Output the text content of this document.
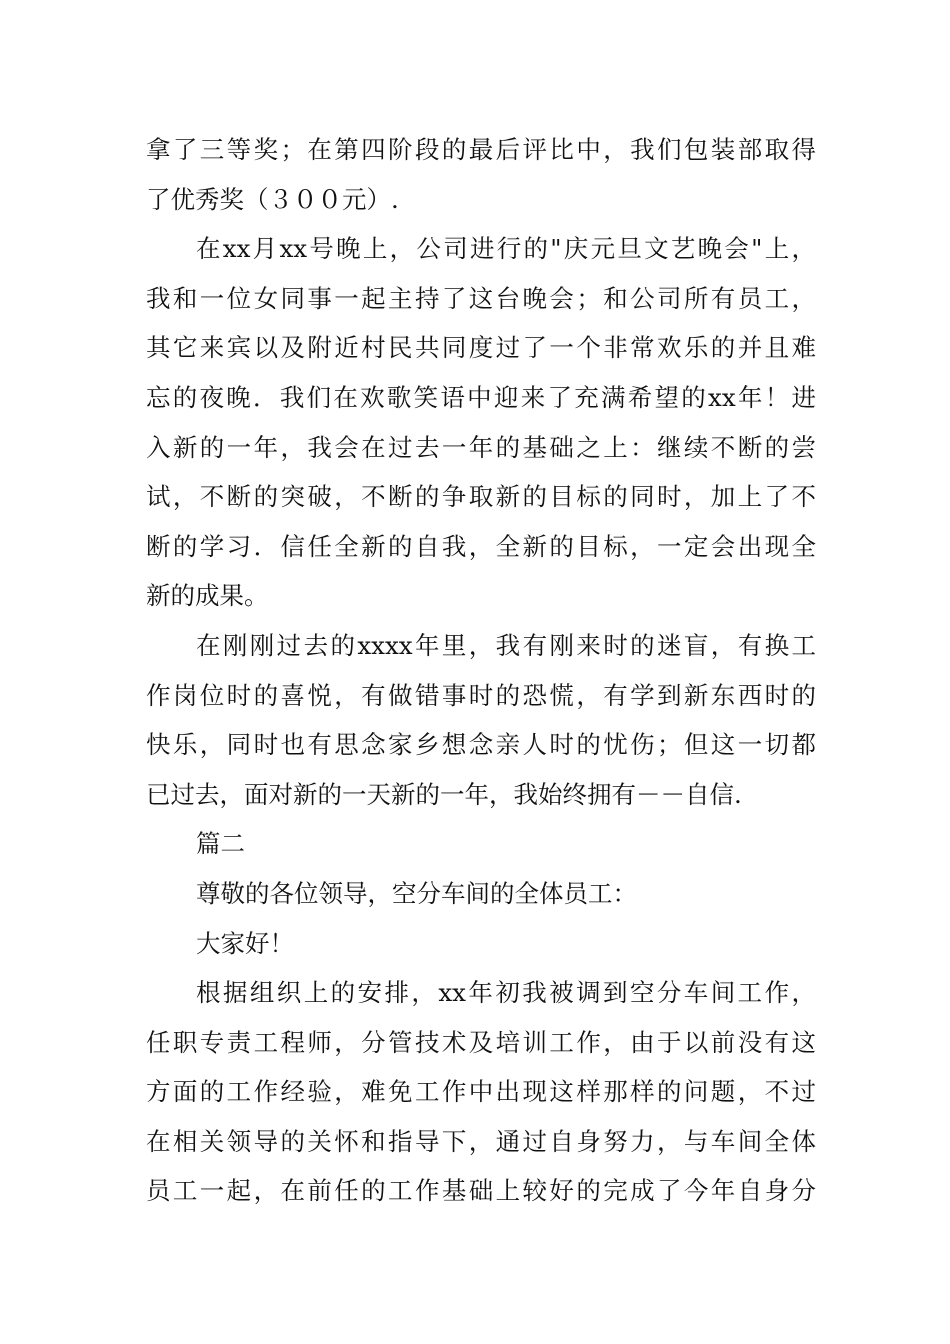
拿了三等奖；在第四阶段的最后评比中，我们包装部取得
了优秀奖（３００元）.
在xx月xx号晚上，公司进行的"庆元旦文艺晚会"上，
我和一位女同事一起主持了这台晚会；和公司所有员工，
其它来宾以及附近村民共同度过了一个非常欢乐的并且难
忘的夜晚．我们在欢歌笑语中迎来了充满希望的xx年！进
入新的一年，我会在过去一年的基础之上：继续不断的尝
试，不断的突破，不断的争取新的目标的同时，加上了不
断的学习．信任全新的自我，全新的目标，一定会出现全
新的成果。
在刚刚过去的xxxx年里，我有刚来时的迷盲，有换工
作岗位时的喜悦，有做错事时的恐慌，有学到新东西时的
快乐，同时也有思念家乡想念亲人时的忧伤；但这一切都
已过去，面对新的一天新的一年，我始终拥有－－自信.
篇二
尊敬的各位领导，空分车间的全体员工：
大家好！
根据组织上的安排，xx年初我被调到空分车间工作，
任职专责工程师，分管技术及培训工作，由于以前没有这
方面的工作经验，难免工作中出现这样那样的问题，不过
在相关领导的关怀和指导下，通过自身努力，与车间全体
员工一起，在前任的工作基础上较好的完成了今年自身分
